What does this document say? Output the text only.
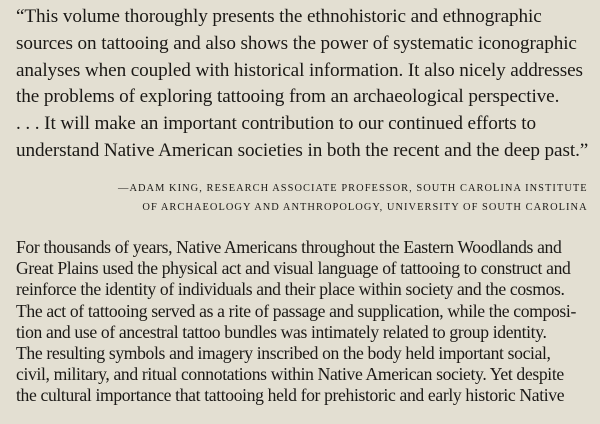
“This volume thoroughly presents the ethnohistoric and ethnographic
sources on tattooing and also shows the power of systematic iconographic
analyses when coupled with historical information. It also nicely addresses
the problems of exploring tattooing from an archaeological perspective.
. . . It will make an important contribution to our continued efforts to
understand Native American societies in both the recent and the deep past.”

—ADAM KING, RESEARCH ASSOCIATE PROFESSOR, SOUTH CAROLINA INSTITUTE
OF ARCHAEOLOGY AND ANTHROPOLOGY, UNIVERSITY OF SOUTH CAROLINA

For thousands of years, Native Americans throughout the Eastern Woodlands and
Great Plains used the physical act and visual language of tattooing to construct and
reinforce the identity of individuals and their place within society and the cosmos.
The act of tattooing served as a rite of passage and supplication, while the composi-
tion and use of ancestral tattoo bundles was intimately related to group identity.
The resulting symbols and imagery inscribed on the body held important social,
civil, military, and ritual connotations within Native American society. Yet despite
the cultural importance that tattooing held for prehistoric and early historic Native
